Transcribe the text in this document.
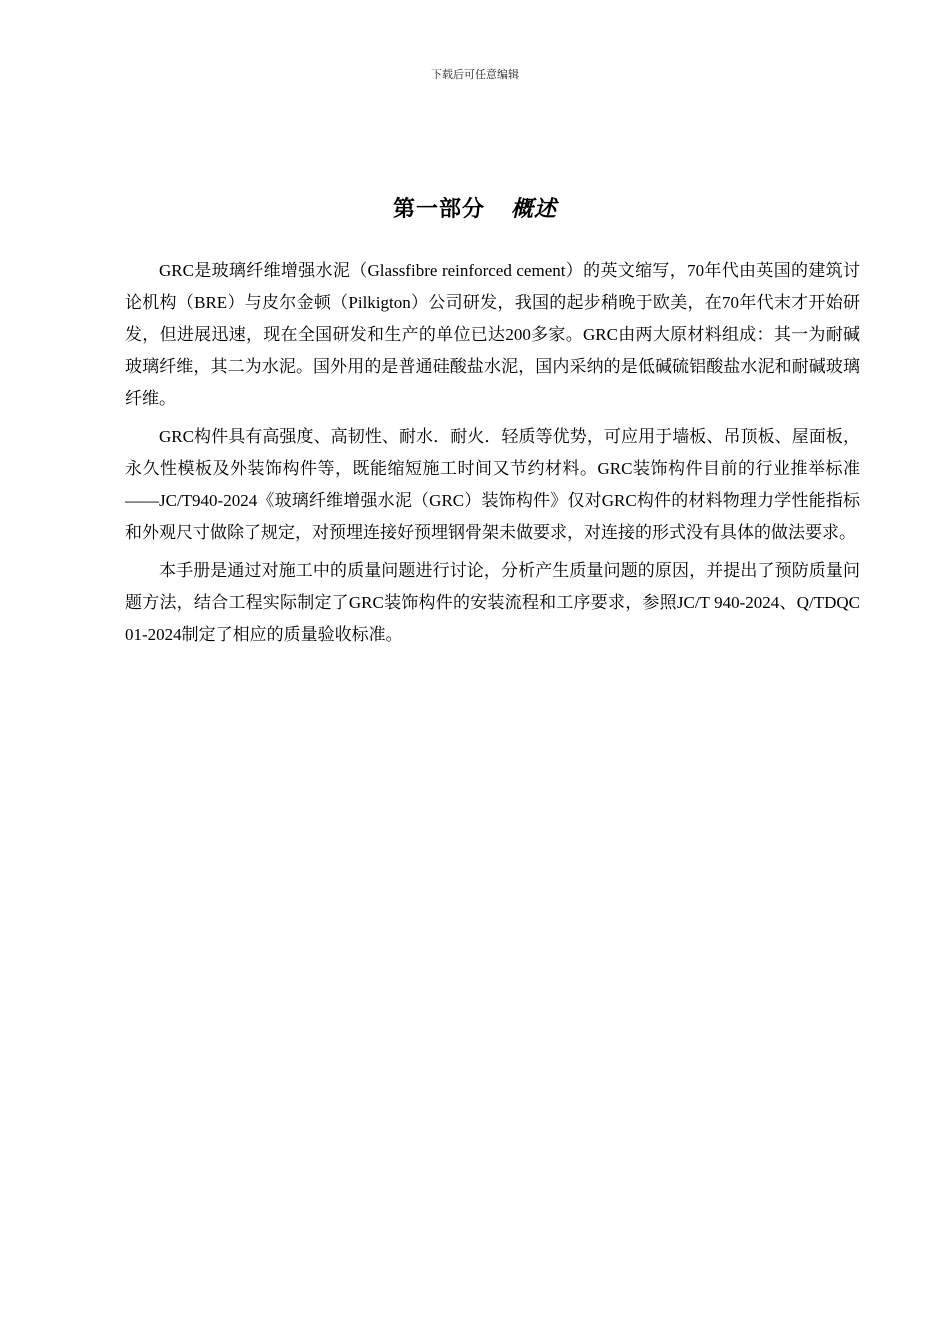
下载后可任意编辑
第一部分 概述

GRC是玻璃纤维增强水泥（Glassfibre reinforced cement）的英文缩写，70年代由英国的建筑讨论机构（BRE）与皮尔金顿（Pilkigton）公司研发，我国的起步稍晚于欧美，在70年代末才开始研发，但进展迅速，现在全国研发和生产的单位已达200多家。GRC由两大原材料组成：其一为耐碱玻璃纤维，其二为水泥。国外用的是普通硅酸盐水泥，国内采纳的是低碱硫铝酸盐水泥和耐碱玻璃纤维。

GRC构件具有高强度、高韧性、耐水．耐火．轻质等优势，可应用于墙板、吊顶板、屋面板，永久性模板及外装饰构件等，既能缩短施工时间又节约材料。GRC装饰构件目前的行业推举标准——JC/T940-2024《玻璃纤维增强水泥（GRC）装饰构件》仅对GRC构件的材料物理力学性能指标和外观尺寸做除了规定，对预埋连接好预埋钢骨架未做要求，对连接的形式没有具体的做法要求。

本手册是通过对施工中的质量问题进行讨论，分析产生质量问题的原因，并提出了预防质量问题方法，结合工程实际制定了GRC装饰构件的安装流程和工序要求，参照JC/T 940-2024、Q/TDQC 01-2024制定了相应的质量验收标准。
